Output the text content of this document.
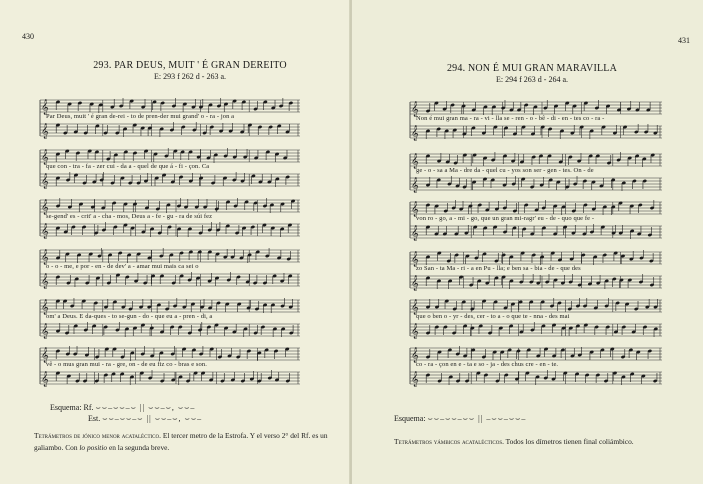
430
293. PAR DEUS, MUIT ' É GRAN DEREITO
E: 293 f 262 d - 263 a.
𝄞
𝄞
Par Deus, muit ' é gran de-rei - to de pren-der mui grand' o - ra - jon a
𝄞
𝄞
que con - tra - fa - zer cui - da a - quel de que á - fi - çon. Ca
𝄞
𝄞
se-gend' es - crit' a - chа - mos, Deus a - fe - gu - ra de súi fez
𝄞
𝄞
o - o - me, e por - en - de dev' a - amar mui mais ca sei o
𝄞
𝄞
om' a Deus. E da-ques - to se-gun - do - que eu a - pren - di, a
𝄞
𝄞
vê - o mus gran mui - ra - gre, on - de eu fiz co - bras e son.
Esquema: Rf. ⌣⌣–⌣⌣–⌣ || ⌣⌣–⌣, ⌣⌣–
Est. ⌣⌣–⌣⌣–⌣ || ⌣⌣–⌣, ⌣⌣–
Tetrámetros de jónico menor acatalécticо. El tercer metro de la Estrofa. Y el verso 2° del Rf. es un galiambo. Con lo positio en la segunda breve.
431
294. NON É MUI GRAN MARAVILLA
E: 294 f 263 d - 264 a.
𝄞
𝄞
Non é mui gran ma - ra - vi - lla se - ren - o - bê - di - en - tes co - ra -
𝄞
𝄞
ge - o - sa a Ma - dre da - quel cu - yos son ser - gen - tes. On - de
𝄞
𝄞
von ro - go, a - mi - go, que un gran mi-ragr' eu - de - quo que fe -
𝄞
𝄞
zo San - ta Ma - ri - a en Pu - lla; e ben sa - bia - de - que des
𝄞
𝄞
que o ben o - yr - des, cer - to a - o que te - nna - des mai
𝄞
𝄞
co - ra - çon en e - ta e so - ja - des chus cre - en - te.
Esquema: ⌣⌣–⌣⌣–⌣⌣ || –⌣⌣–⌣⌣–
Tetrámetros yámbicos acatalécticos. Todos los dímetros tienen final coliámbico.
